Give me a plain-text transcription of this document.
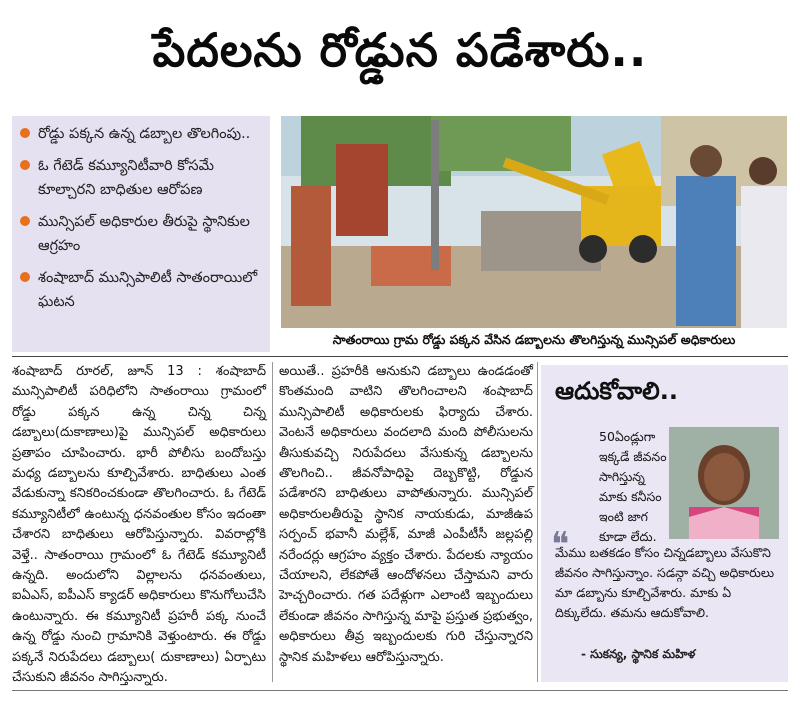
పేదలను రోడ్డున పడేశారు..
రోడ్డు పక్కన ఉన్న డబ్బాల తొలగింపు..
ఓ గేటెడ్ కమ్యూనిటీవారి కోసమే కూల్చారని బాధితుల ఆరోపణ
మున్సిపల్ అధికారుల తీరుపై స్థానికుల ఆగ్రహం
శంషాబాద్ మున్సిపాలిటీ సాతంరాయిలో ఘటన
సాతంరాయి గ్రామ రోడ్డు పక్కన వేసిన డబ్బాలను తొలగిస్తున్న మున్సిపల్ అధికారులు
శంషాబాద్ రూరల్, జూన్ 13 : శంషాబాద్ మున్సిపాలిటీ పరిధిలోని సాతంరాయి గ్రామంలో రోడ్డు పక్కన ఉన్న చిన్న చిన్న డబ్బాలు(దుకాణాలు)పై మున్సిపల్ అధికారులు ప్రతాపం చూపించారు. భారీ పోలీసు బందోబస్తు మధ్య డబ్బాలను కూల్చివేశారు. బాధితులు ఎంత వేడుకున్నా కనికరించకుండా తొలగించారు. ఓ గేటెడ్ కమ్యూనిటీలో ఉంటున్న ధనవంతుల కోసం ఇదంతా చేశారని బాధితులు ఆరోపిస్తున్నారు. వివరాల్లోకి వెళ్తే.. సాతంరాయి గ్రామంలో ఓ గేటెడ్ కమ్యూనిటీ ఉన్నది. అందులోని విల్లాలను ధనవంతులు, ఐఏఎస్, ఐపీఎస్ క్యాడర్ అధికారులు కొనుగోలుచేసి ఉంటున్నారు. ఈ కమ్యూనిటీ ప్రహరీ పక్క నుంచే ఉన్న రోడ్డు నుంచి గ్రామానికి వెళ్తుంటారు. ఈ రోడ్డు పక్కనే నిరుపేదలు డబ్బాలు( దుకాణాలు) ఏర్పాటు చేసుకుని జీవనం సాగిస్తున్నారు.
అయితే.. ప్రహరీకి ఆనుకుని డబ్బాలు ఉండడంతో కొంతమంది వాటిని తొలగించాలని శంషాబాద్ మున్సిపాలిటీ అధికారులకు ఫిర్యాదు చేశారు. వెంటనే అధికారులు వందలాది మంది పోలీసులను తీసుకువచ్చి నిరుపేదలు వేసుకున్న డబ్బాలను తొలగించి.. జీవనోపాధిపై దెబ్బకొట్టి, రోడ్డున పడేశారని బాధితులు వాపోతున్నారు. మున్సిపల్ అధికారులతీరుపై స్థానిక నాయకుడు, మాజీఉప సర్పంచ్ భవానీ మల్లేశ్, మాజీ ఎంపీటీసీ జల్లపల్లి నరేందర్లు ఆగ్రహం వ్యక్తం చేశారు. పేదలకు న్యాయం చేయాలని, లేకపోతే ఆందోళనలు చేస్తామని వారు హెచ్చరించారు. గత పదేళ్లుగా ఎలాంటి ఇబ్బందులు లేకుండా జీవనం సాగిస్తున్న మాపై ప్రస్తుత ప్రభుత్వం, అధికారులు తీవ్ర ఇబ్బందులకు గురి చేస్తున్నారని స్థానిక మహిళలు ఆరోపిస్తున్నారు.
ఆదుకోవాలి..
50ఏండ్లుగా ఇక్కడే జీవనం సాగిస్తున్న మాకు కనీసం ఇంటి జాగ కూడా లేదు.
❝
మేము బతకడం కోసం చిన్నడబ్బాలు వేసుకొని జీవనం సాగిస్తున్నాం. సడన్గా వచ్చి అధికారులు మా డబ్బాను కూల్చివేశారు. మాకు ఏ దిక్కులేదు. తమను ఆదుకోవాలి.
- సుకన్య, స్థానిక మహిళ
